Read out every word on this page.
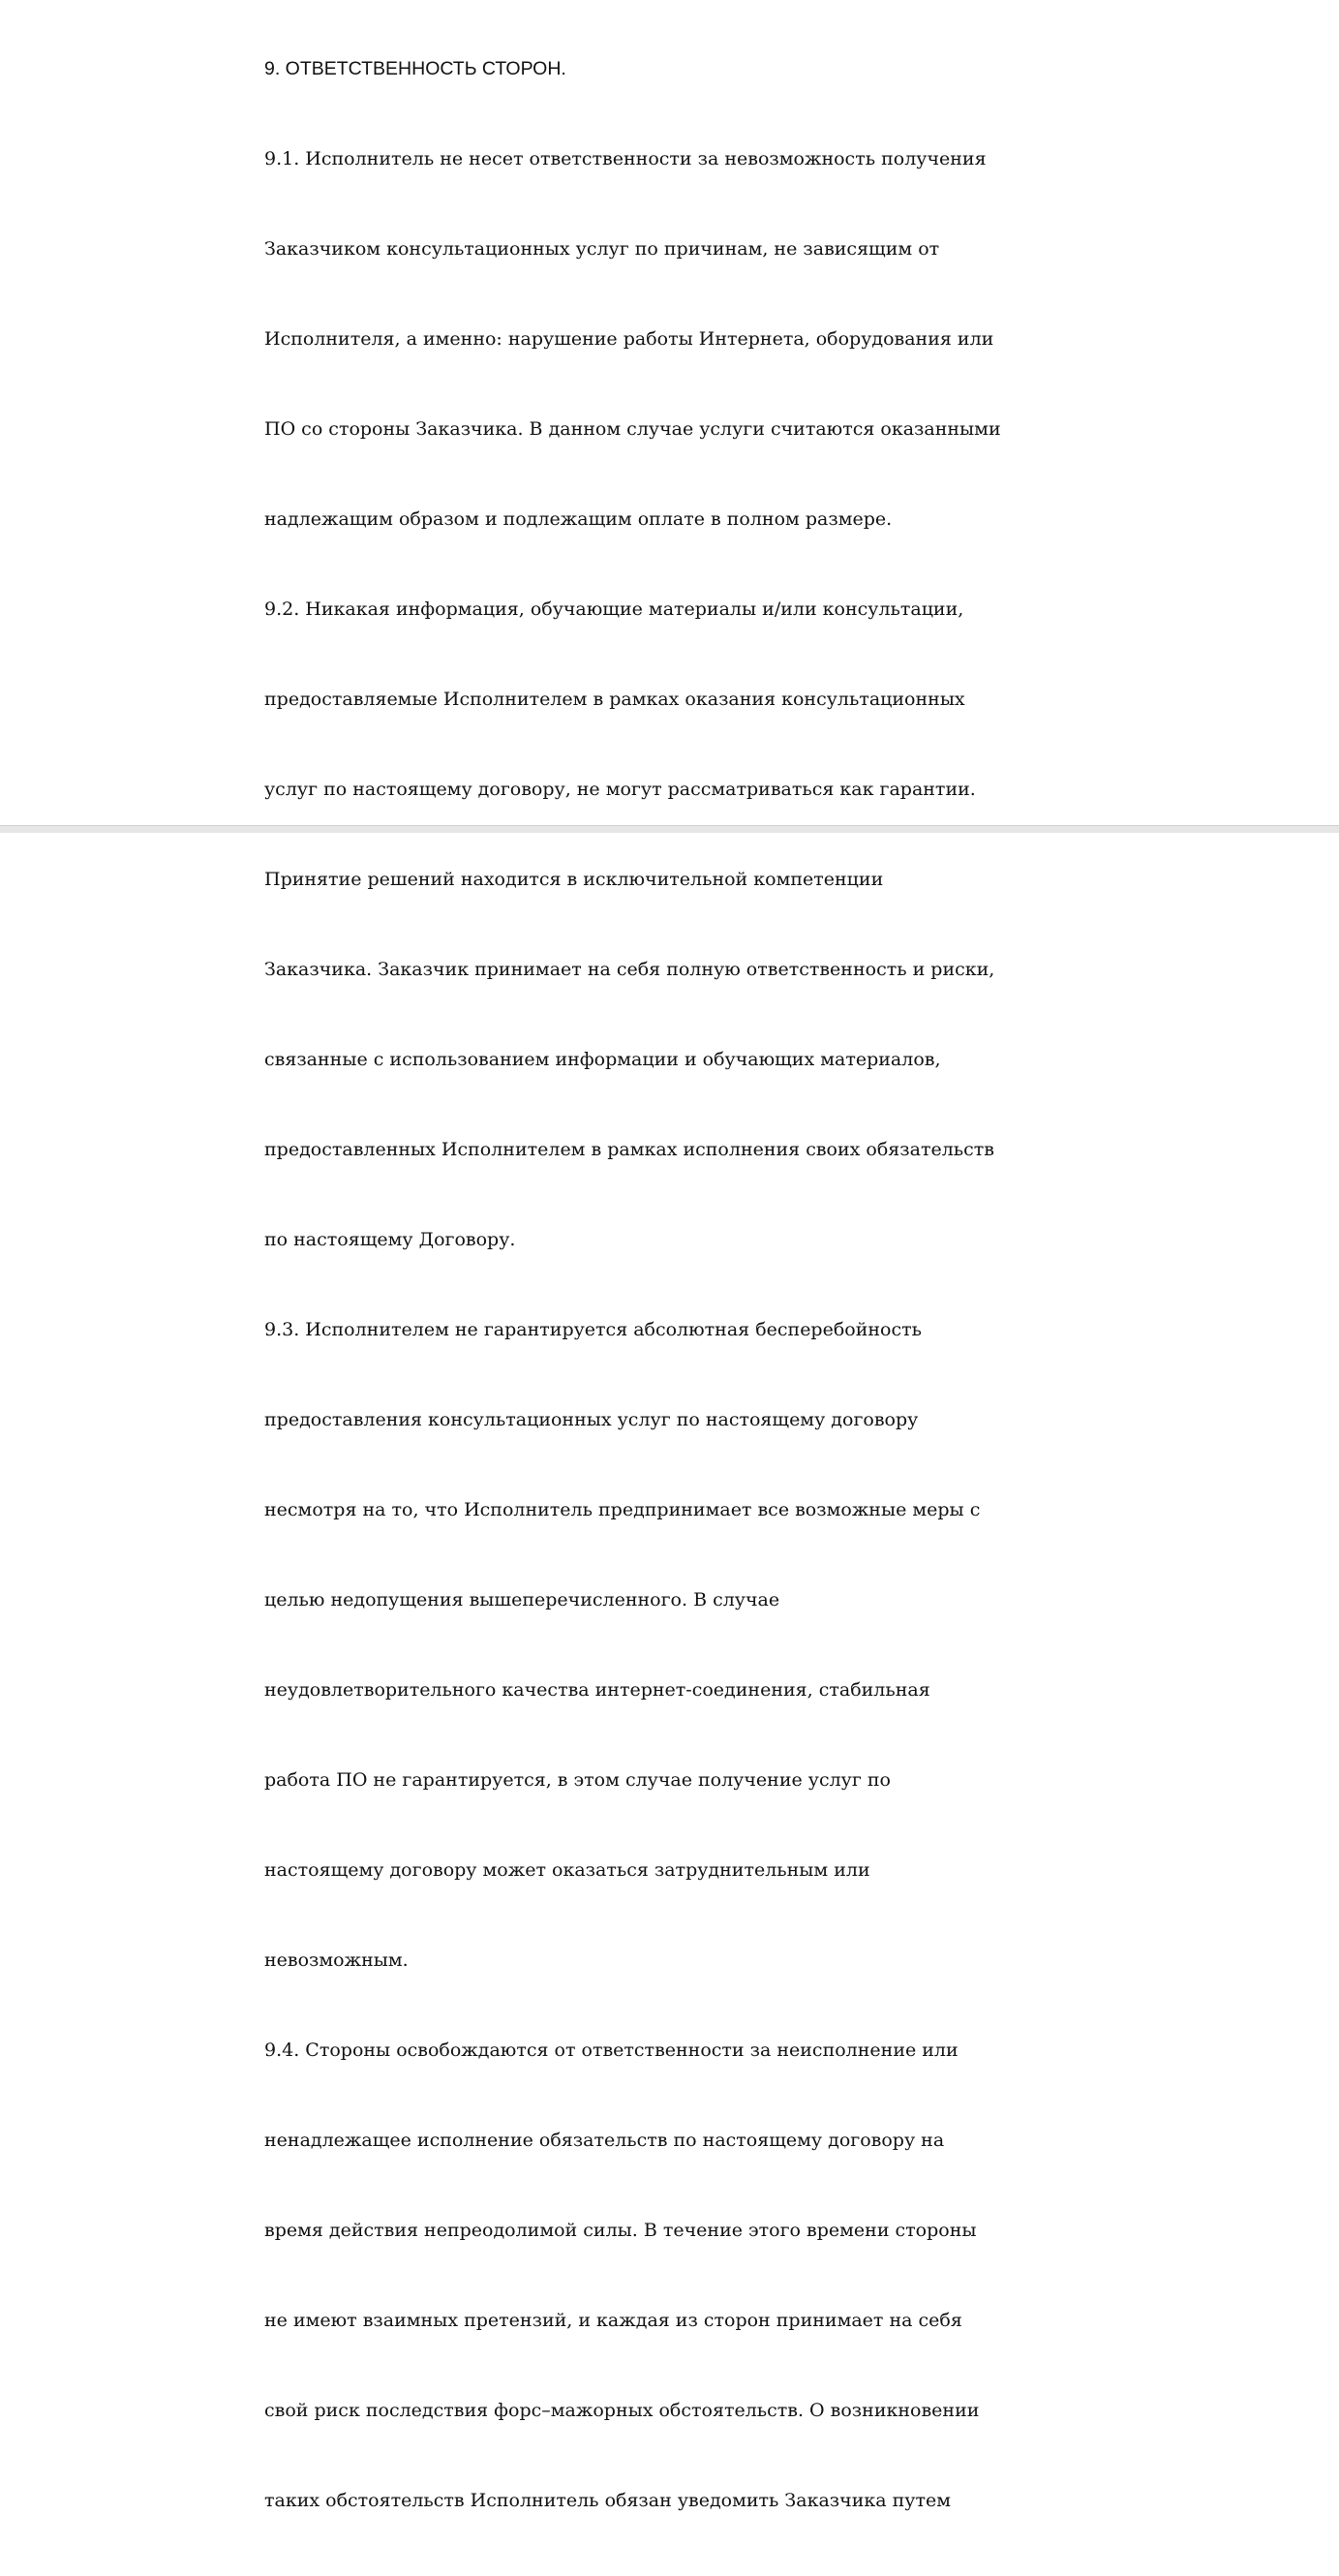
9. ОТВЕТСТВЕННОСТЬ СТОРОН.

9.1. Исполнитель не несет ответственности за невозможность получения

Заказчиком консультационных услуг по причинам, не зависящим от

Исполнителя, а именно: нарушение работы Интернета, оборудования или

ПО со стороны Заказчика. В данном случае услуги считаются оказанными

надлежащим образом и подлежащим оплате в полном размере.

9.2. Никакая информация, обучающие материалы и/или консультации,

предоставляемые Исполнителем в рамках оказания консультационных

услуг по настоящему договору, не могут рассматриваться как гарантии.

Принятие решений находится в исключительной компетенции

Заказчика. Заказчик принимает на себя полную ответственность и риски,

связанные с использованием информации и обучающих материалов,

предоставленных Исполнителем в рамках исполнения своих обязательств

по настоящему Договору.

9.3. Исполнителем не гарантируется абсолютная бесперебойность

предоставления консультационных услуг по настоящему договору

несмотря на то, что Исполнитель предпринимает все возможные меры с

целью недопущения вышеперечисленного. В случае

неудовлетворительного качества интернет-соединения, стабильная

работа ПО не гарантируется, в этом случае получение услуг по

настоящему договору может оказаться затруднительным или

невозможным.

9.4. Стороны освобождаются от ответственности за неисполнение или

ненадлежащее исполнение обязательств по настоящему договору на

время действия непреодолимой силы. В течение этого времени стороны

не имеют взаимных претензий, и каждая из сторон принимает на себя

свой риск последствия форс–мажорных обстоятельств. О возникновении

таких обстоятельств Исполнитель обязан уведомить Заказчика путем
